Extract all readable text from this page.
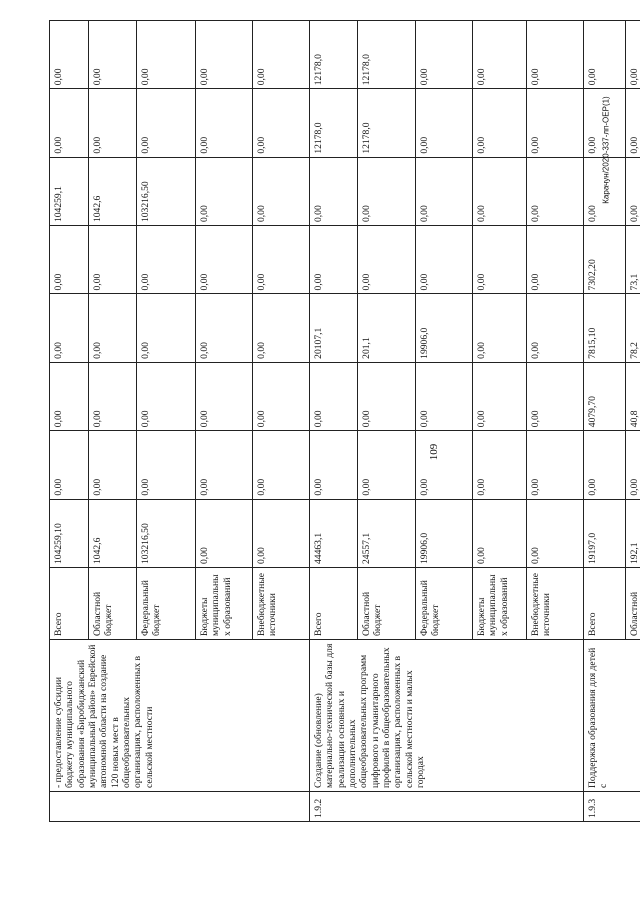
109
Карачун/2020-337-лп-OEP(1)
	- предоставление субсидии бюджету муниципального образования «Биробиджанский муниципальный район» Еврейской автономной области на создание 120 новых мест в общеобразовательных организациях, расположенных в сельской местности	Всего	104259,10	0,00	0,00	0,00	0,00	104259,1	0,00	0,00
		Областной бюджет	1042,6	0,00	0,00	0,00	0,00	1042,6	0,00	0,00
		Федеральный бюджет	103216,50	0,00	0,00	0,00	0,00	103216,50	0,00	0,00
		Бюджеты муниципальных образований	0,00	0,00	0,00	0,00	0,00	0,00	0,00	0,00
		Внебюджетные источники	0,00	0,00	0,00	0,00	0,00	0,00	0,00	0,00
1.9.2	Создание (обновление) материально-технической базы для реализации основных и дополнительных общеобразовательных программ цифрового и гуманитарного профилей в общеобразовательных организациях, расположенных в сельской местности и малых городах	Всего	44463,1	0,00	0,00	20107,1	0,00	0,00	12178,0	12178,0
		Областной бюджет	24557,1	0,00	0,00	201,1	0,00	0,00	12178,0	12178,0
		Федеральный бюджет	19906,0	0,00	0,00	19906,0	0,00	0,00	0,00	0,00
		Бюджеты муниципальных образований	0,00	0,00	0,00	0,00	0,00	0,00	0,00	0,00
		Внебюджетные источники	0,00	0,00	0,00	0,00	0,00	0,00	0,00	0,00
1.9.3	Поддержка образования для детей с	Всего	19197,0	0,00	4079,70	7815,10	7302,20	0,00	0,00	0,00
		Областной	192,1	0,00	40,8	78,2	73,1	0,00	0,00	0,00
